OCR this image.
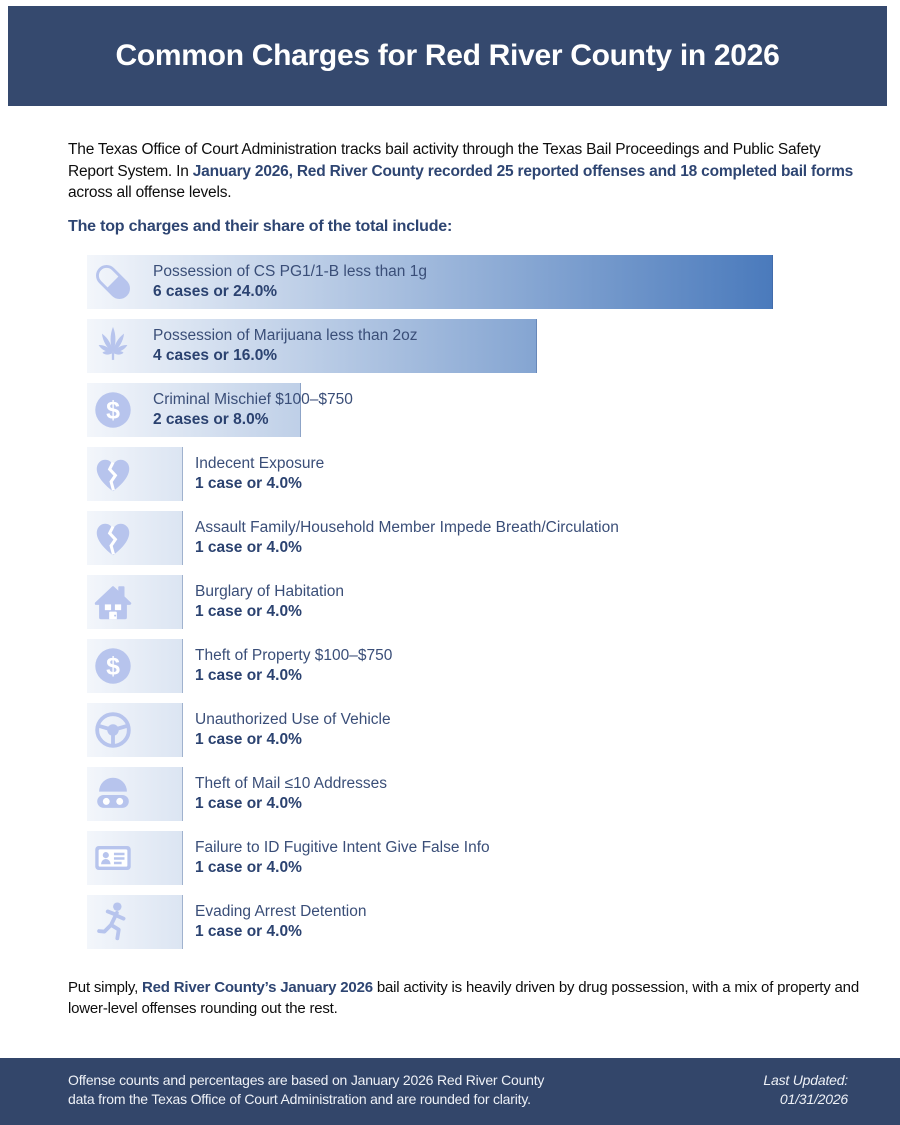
Common Charges for Red River County in 2026

The Texas Office of Court Administration tracks bail activity through the Texas Bail Proceedings and Public Safety Report System. In January 2026, Red River County recorded 25 reported offenses and 18 completed bail forms across all offense levels.

The top charges and their share of the total include:
Possession of CS PG1/1-B less than 1g
6 cases or 24.0%
Possession of Marijuana less than 2oz
4 cases or 16.0%
$ Criminal Mischief $100–$750
2 cases or 8.0%
Indecent Exposure
1 case or 4.0%
Assault Family/Household Member Impede Breath/Circulation
1 case or 4.0%
Burglary of Habitation
1 case or 4.0%
$	Theft of Property $100–$750
1 case or 4.0%
Unauthorized Use of Vehicle
1 case or 4.0%
Theft of Mail ≤10 Addresses
1 case or 4.0%
Failure to ID Fugitive Intent Give False Info
1 case or 4.0%
Evading Arrest Detention
1 case or 4.0%

Put simply, Red River County’s January 2026 bail activity is heavily driven by drug possession, with a mix of property and lower-level offenses rounding out the rest.

Offense counts and percentages are based on January 2026 Red River County
data from the Texas Office of Court Administration and are rounded for clarity.
Last Updated:
01/31/2026
